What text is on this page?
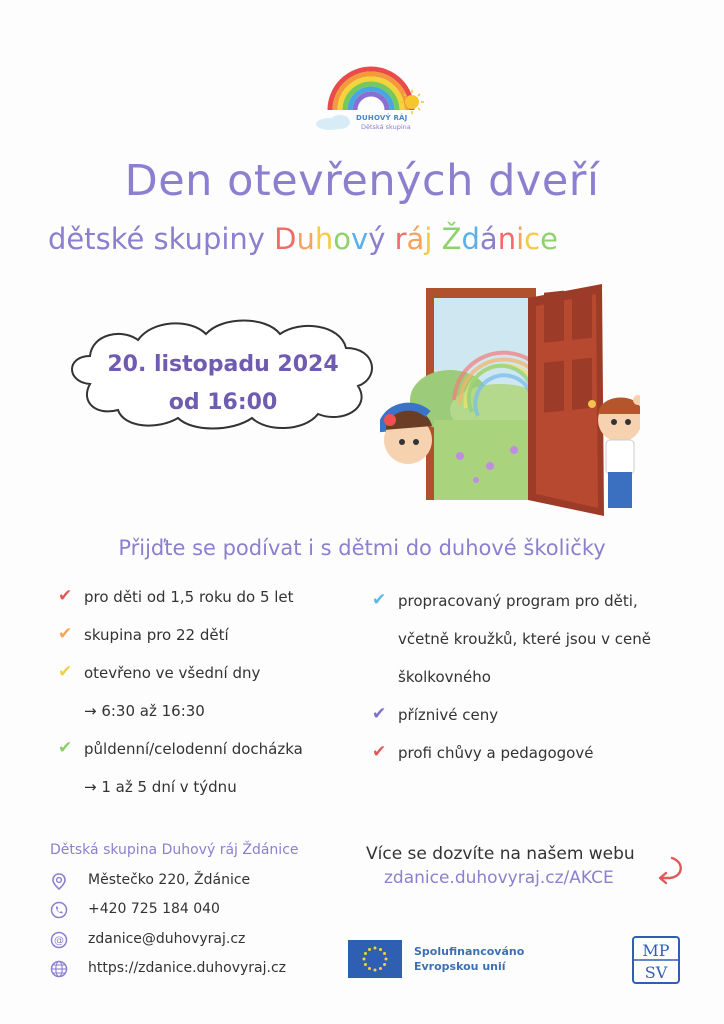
DUHOVÝ RÁJ
Dětská skupina
Den otevřených dveří
dětské skupiny Duhový ráj Ždánice
20. listopadu 2024
od 16:00
Přijďte se podívat i s dětmi do duhové školičky
✔ pro děti od 1,5 roku do 5 let
✔ skupina pro 22 dětí
✔ otevřeno ve všední dny
→ 6:30 až 16:30
✔ půldenní/celodenní docházka
→ 1 až 5 dní v týdnu
✔ propracovaný program pro děti,
včetně kroužků, které jsou v ceně
školkovného
✔ příznivé ceny
✔ profi chůvy a pedagogové
Dětská skupina Duhový ráj Ždánice
Městečko 220, Ždánice
+420 725 184 040
@ zdanice@duhovyraj.cz
https://zdanice.duhovyraj.cz
Více se dozvíte na našem webu
zdanice.duhovyraj.cz/AKCE
Spolufinancováno
Evropskou unií
MP
SV
